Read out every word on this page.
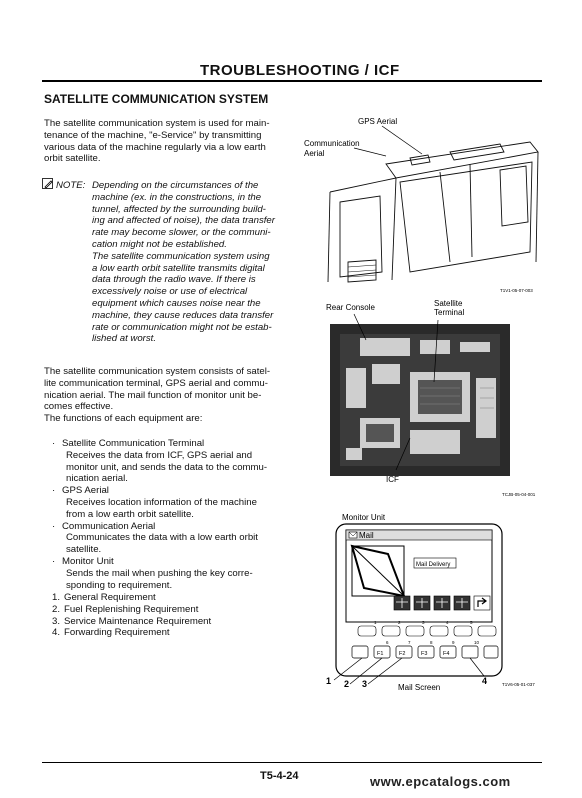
TROUBLESHOOTING / ICF
SATELLITE COMMUNICATION SYSTEM
The satellite communication system is used for main-
tenance of the machine, "e-Service" by transmitting
various data of the machine regularly via a low earth
orbit satellite.
NOTE: Depending on the circumstances of the
machine (ex. in the constructions, in the
tunnel, affected by the surrounding build-
ing and affected of noise), the data transfer
rate may become slower, or the communi-
cation might not be established.
The satellite communication system using
a low earth orbit satellite transmits digital
data through the radio wave. If there is
excessively noise or use of electrical
equipment which causes noise near the
machine, they cause reduces data transfer
rate or communication might not be estab-
lished at worst.
The satellite communication system consists of satel-
lite communication terminal, GPS aerial and commu-
nication aerial. The mail function of monitor unit be-
comes effective.
The functions of each equipment are:
· Satellite Communication Terminal
Receives the data from ICF, GPS aerial and
monitor unit, and sends the data to the commu-
nication aerial.
· GPS Aerial
Receives location information of the machine
from a low earth orbit satellite.
· Communication Aerial
Communicates the data with a low earth orbit
satellite.
· Monitor Unit
Sends the mail when pushing the key corre-
sponding to requirement.
1. General Requirement
2. Fuel Replenishing Requirement
3. Service Maintenance Requirement
4. Forwarding Requirement
GPS Aerial
Communication
Aerial
T1V1-05-07-003
Rear Console	Satellite
Terminal
ICF
TCJB-05-04-001
Monitor Unit
Mail
Mail Delivery
1	2	3	4	5
F1	F2	F3	F4
6	7	8	9	10
1 2 3	4
Mail Screen	T1V6-05-01-037
T5-4-24	www.epcatalogs.com
